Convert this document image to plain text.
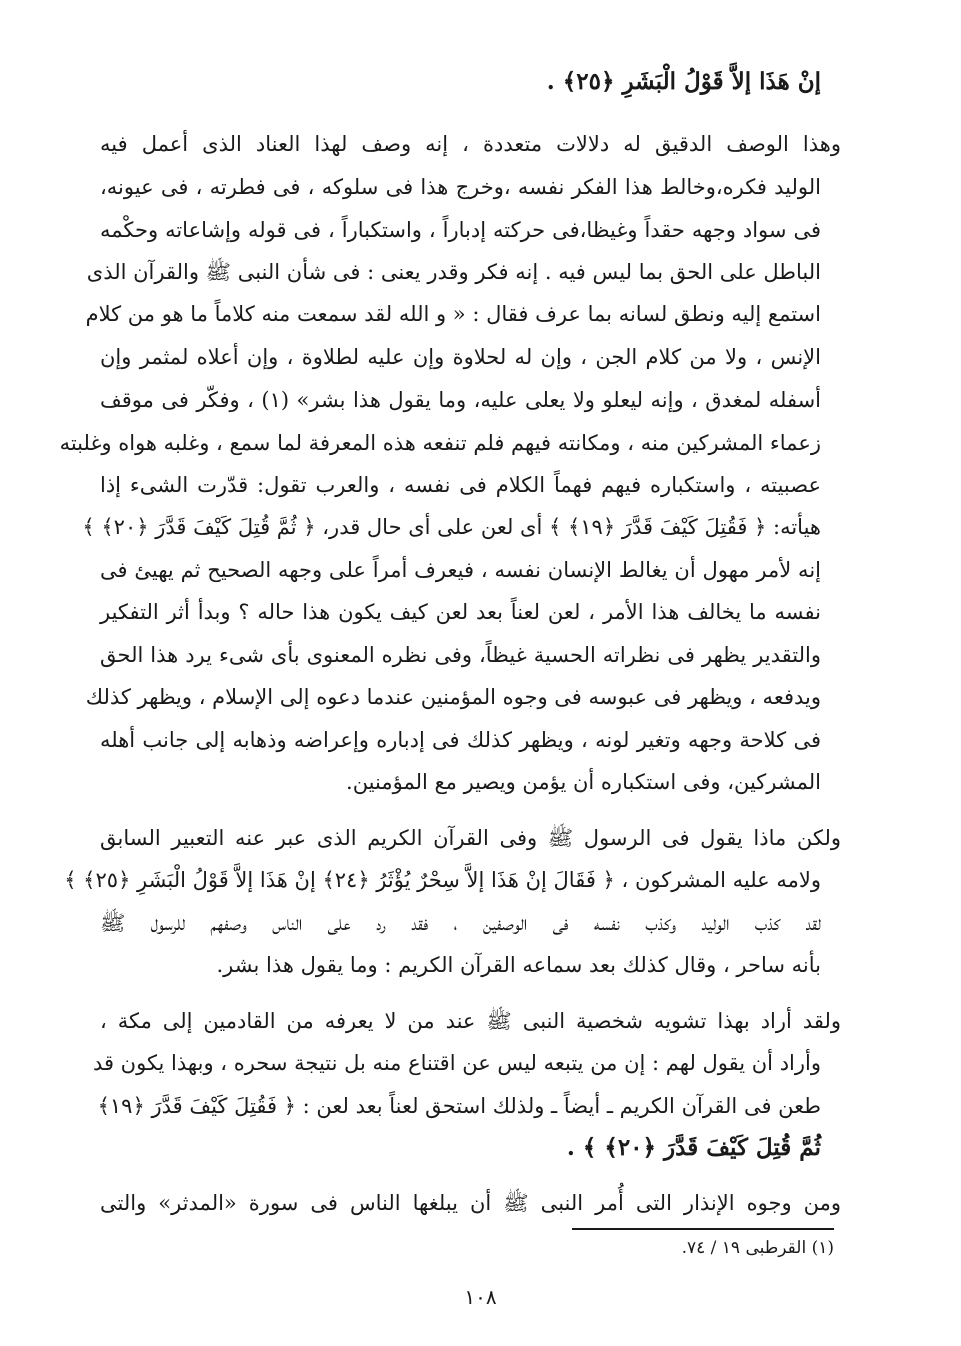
إنْ هَذَا إلاَّ قَوْلُ الْبَشَرِ ﴿٢٥﴾ .
وهذا الوصف الدقيق له دلالات متعددة ، إنه وصف لهذا العناد الذى أعمل فيه
الوليد فكره،وخالط هذا الفكر نفسه ،وخرج هذا فى سلوكه ، فى فطرته ، فى عيونه،
فى سواد وجهه حقداً وغيظا،فى حركته إدباراً ، واستكباراً ، فى قوله وإشاعاته وحكْمه
الباطل على الحق بما ليس فيه . إنه فكر وقدر يعنى : فى شأن النبى ﷺ والقرآن الذى
استمع إليه ونطق لسانه بما عرف فقال : « و الله لقد سمعت منه كلاماً ما هو من كلام
الإنس ، ولا من كلام الجن ، وإن له لحلاوة وإن عليه لطلاوة ، وإن أعلاه لمثمر وإن
أسفله لمغدق ، وإنه ليعلو ولا يعلى عليه، وما يقول هذا بشر» (١) ، وفكّر فى موقف
زعماء المشركين منه ، ومكانته فيهم فلم تنفعه هذه المعرفة لما سمع ، وغلبه هواه وغلبته
عصبيته ، واستكباره فيهم فهماً الكلام فى نفسه ، والعرب تقول: قدّرت الشىء إذا
هيأته: ﴿ فَقُتِلَ كَيْفَ قَدَّرَ ﴿١٩﴾ ﴾ أى لعن على أى حال قدر، ﴿ ثُمَّ قُتِلَ كَيْفَ قَدَّرَ ﴿٢٠﴾ ﴾
إنه لأمر مهول أن يغالط الإنسان نفسه ، فيعرف أمراً على وجهه الصحيح ثم يهيئ فى
نفسه ما يخالف هذا الأمر ، لعن لعناً بعد لعن كيف يكون هذا حاله ؟ وبدأ أثر التفكير
والتقدير يظهر فى نظراته الحسية غيظاً، وفى نظره المعنوى بأى شىء يرد هذا الحق
ويدفعه ، ويظهر فى عبوسه فى وجوه المؤمنين عندما دعوه إلى الإسلام ، ويظهر كذلك
فى كلاحة وجهه وتغير لونه ، ويظهر كذلك فى إدباره وإعراضه وذهابه إلى جانب أهله
المشركين، وفى استكباره أن يؤمن ويصير مع المؤمنين.
ولكن ماذا يقول فى الرسول ﷺ وفى القرآن الكريم الذى عبر عنه التعبير السابق
ولامه عليه المشركون ، ﴿ فَقَالَ إنْ هَذَا إلاَّ سِحْرٌ يُؤْثَرُ ﴿٢٤﴾ إنْ هَذَا إلاَّ قَوْلُ الْبَشَرِ ﴿٢٥﴾ ﴾
لقد كذب الوليد وكذب نفسه فى الوصفين ، فقد رد على الناس وصفهم للرسول ﷺ
بأنه ساحر ، وقال كذلك بعد سماعه القرآن الكريم : وما يقول هذا بشر.
ولقد أراد بهذا تشويه شخصية النبى ﷺ عند من لا يعرفه من القادمين إلى مكة ،
وأراد أن يقول لهم : إن من يتبعه ليس عن اقتناع منه بل نتيجة سحره ، وبهذا يكون قد
طعن فى القرآن الكريم ـ أيضاً ـ ولذلك استحق لعناً بعد لعن : ﴿ فَقُتِلَ كَيْفَ قَدَّرَ ﴿١٩﴾
ثُمَّ قُتِلَ كَيْفَ قَدَّرَ ﴿٢٠﴾ ﴾ .
ومن وجوه الإنذار التى أُمر النبى ﷺ أن يبلغها الناس فى سورة «المدثر» والتى
(١) القرطبى ١٩ / ٧٤.
١٠٨
